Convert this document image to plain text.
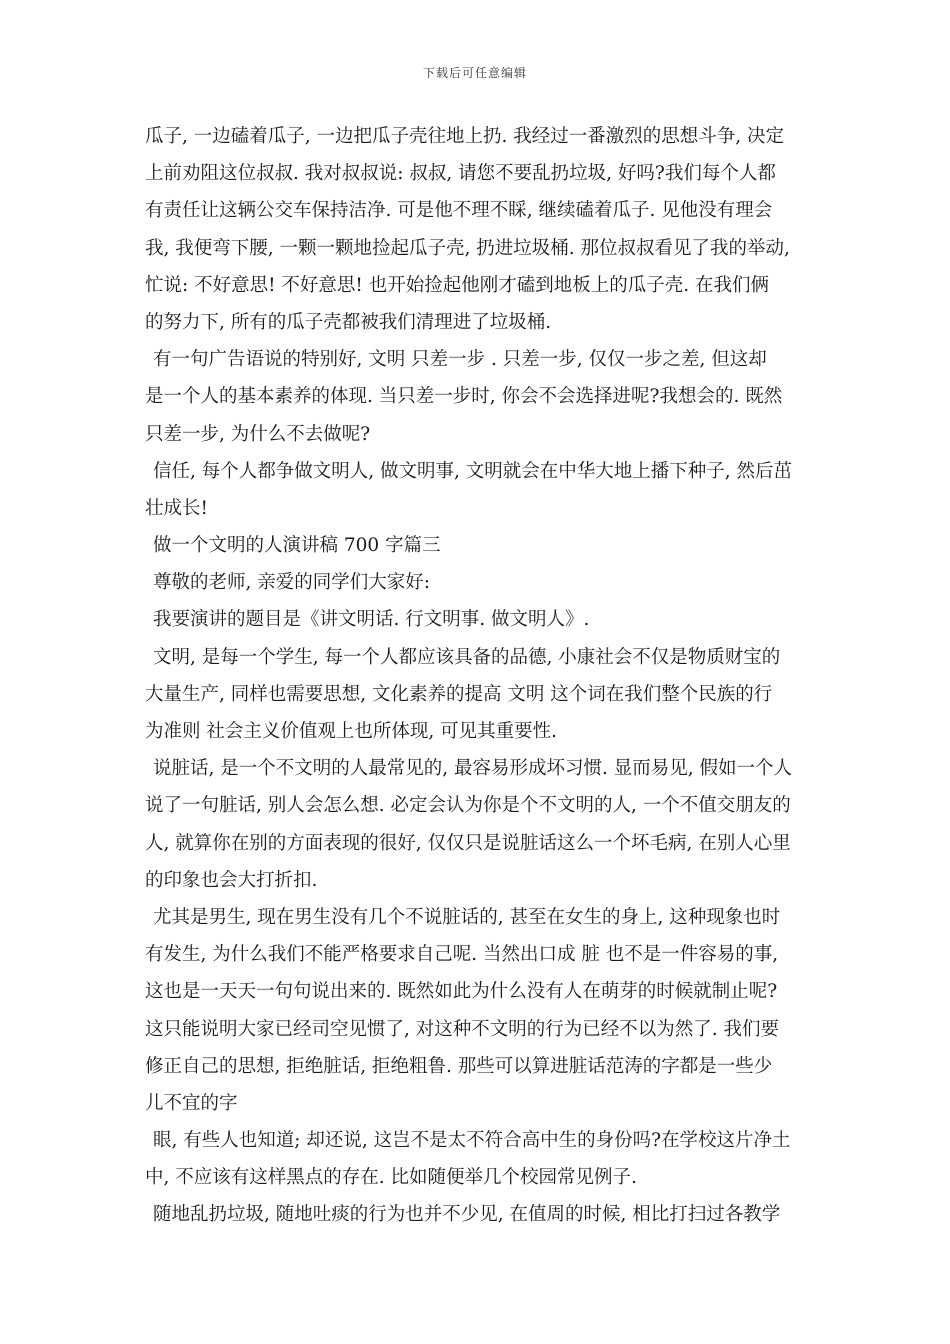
下载后可任意编辑
瓜子, 一边磕着瓜子, 一边把瓜子壳往地上扔. 我经过一番激烈的思想斗争, 决定
上前劝阻这位叔叔. 我对叔叔说: 叔叔, 请您不要乱扔垃圾, 好吗?我们每个人都
有责任让这辆公交车保持洁净. 可是他不理不睬, 继续磕着瓜子. 见他没有理会
我, 我便弯下腰, 一颗一颗地捡起瓜子壳, 扔进垃圾桶. 那位叔叔看见了我的举动,
忙说: 不好意思! 不好意思! 也开始捡起他刚才磕到地板上的瓜子壳. 在我们俩
的努力下, 所有的瓜子壳都被我们清理进了垃圾桶.
有一句广告语说的特别好, 文明 只差一步 . 只差一步, 仅仅一步之差, 但这却
是一个人的基本素养的体现. 当只差一步时, 你会不会选择进呢?我想会的. 既然
只差一步, 为什么不去做呢?
信任, 每个人都争做文明人, 做文明事, 文明就会在中华大地上播下种子, 然后茁
壮成长!
做一个文明的人演讲稿 700 字篇三
尊敬的老师, 亲爱的同学们大家好:
我要演讲的题目是《讲文明话. 行文明事. 做文明人》.
文明, 是每一个学生, 每一个人都应该具备的品德, 小康社会不仅是物质财宝的
大量生产, 同样也需要思想, 文化素养的提高 文明 这个词在我们整个民族的行
为准则 社会主义价值观上也所体现, 可见其重要性.
说脏话, 是一个不文明的人最常见的, 最容易形成坏习惯. 显而易见, 假如一个人
说了一句脏话, 别人会怎么想. 必定会认为你是个不文明的人, 一个不值交朋友的
人, 就算你在别的方面表现的很好, 仅仅只是说脏话这么一个坏毛病, 在别人心里
的印象也会大打折扣.
尤其是男生, 现在男生没有几个不说脏话的, 甚至在女生的身上, 这种现象也时
有发生, 为什么我们不能严格要求自己呢. 当然出口成 脏 也不是一件容易的事,
这也是一天天一句句说出来的. 既然如此为什么没有人在萌芽的时候就制止呢?
这只能说明大家已经司空见惯了, 对这种不文明的行为已经不以为然了. 我们要
修正自己的思想, 拒绝脏话, 拒绝粗鲁. 那些可以算进脏话范涛的字都是一些少
儿不宜的字
眼, 有些人也知道; 却还说, 这岂不是太不符合高中生的身份吗?在学校这片净土
中, 不应该有这样黑点的存在. 比如随便举几个校园常见例子.
随地乱扔垃圾, 随地吐痰的行为也并不少见, 在值周的时候, 相比打扫过各教学
